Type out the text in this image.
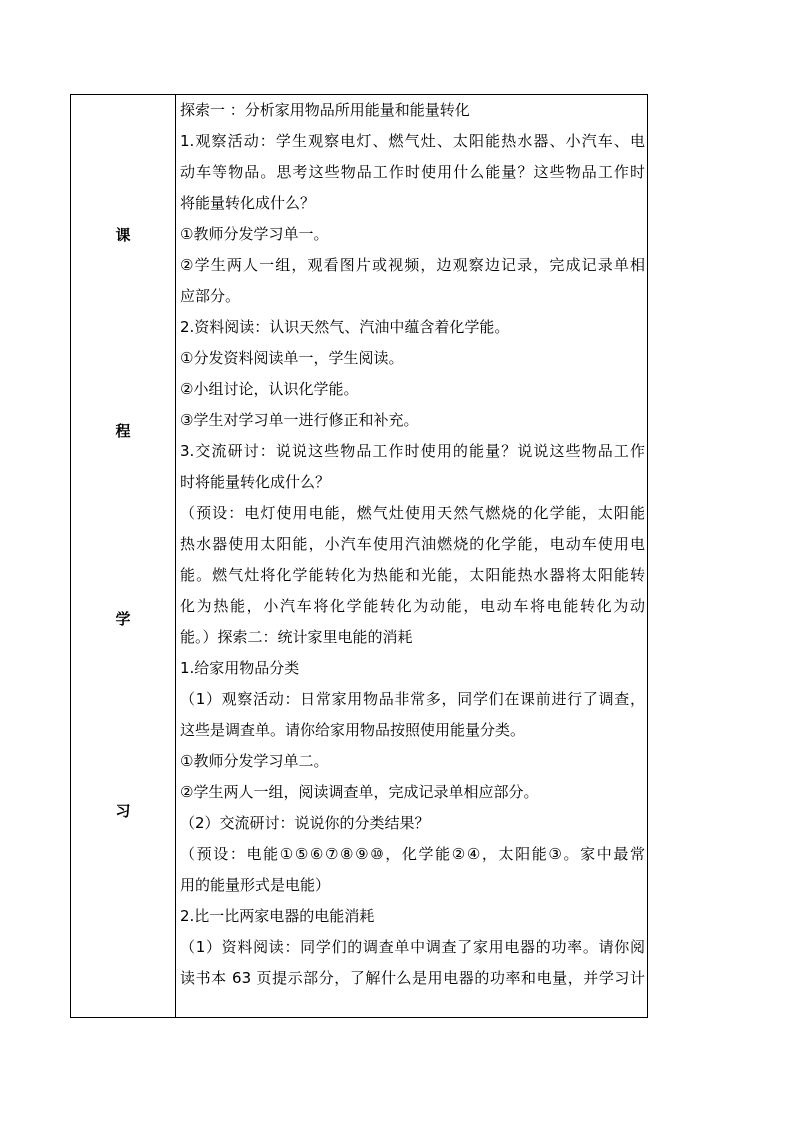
课
程
学
习

探索一 ：分析家用物品所用能量和能量转化
1.观察活动：学生观察电灯、燃气灶、太阳能热水器、小汽车、电
动车等物品。思考这些物品工作时使用什么能量？这些物品工作时
将能量转化成什么？
①教师分发学习单一。
②学生两人一组，观看图片或视频，边观察边记录，完成记录单相
应部分。
2.资料阅读：认识天然气、汽油中蕴含着化学能。
①分发资料阅读单一，学生阅读。
②小组讨论，认识化学能。
③学生对学习单一进行修正和补充。
3.交流研讨：说说这些物品工作时使用的能量？说说这些物品工作
时将能量转化成什么？
（预设：电灯使用电能，燃气灶使用天然气燃烧的化学能，太阳能
热水器使用太阳能，小汽车使用汽油燃烧的化学能，电动车使用电
能。燃气灶将化学能转化为热能和光能，太阳能热水器将太阳能转
化为热能，小汽车将化学能转化为动能，电动车将电能转化为动
能。）探索二：统计家里电能的消耗
1.给家用物品分类
（1）观察活动：日常家用物品非常多，同学们在课前进行了调查，
这些是调查单。请你给家用物品按照使用能量分类。
①教师分发学习单二。
②学生两人一组，阅读调查单，完成记录单相应部分。
（2）交流研讨：说说你的分类结果？
（预设：电能①⑤⑥⑦⑧⑨⑩，化学能②④，太阳能③。家中最常
用的能量形式是电能）
2.比一比两家电器的电能消耗
（1）资料阅读：同学们的调查单中调查了家用电器的功率。请你阅
读书本 63 页提示部分，了解什么是用电器的功率和电量，并学习计
